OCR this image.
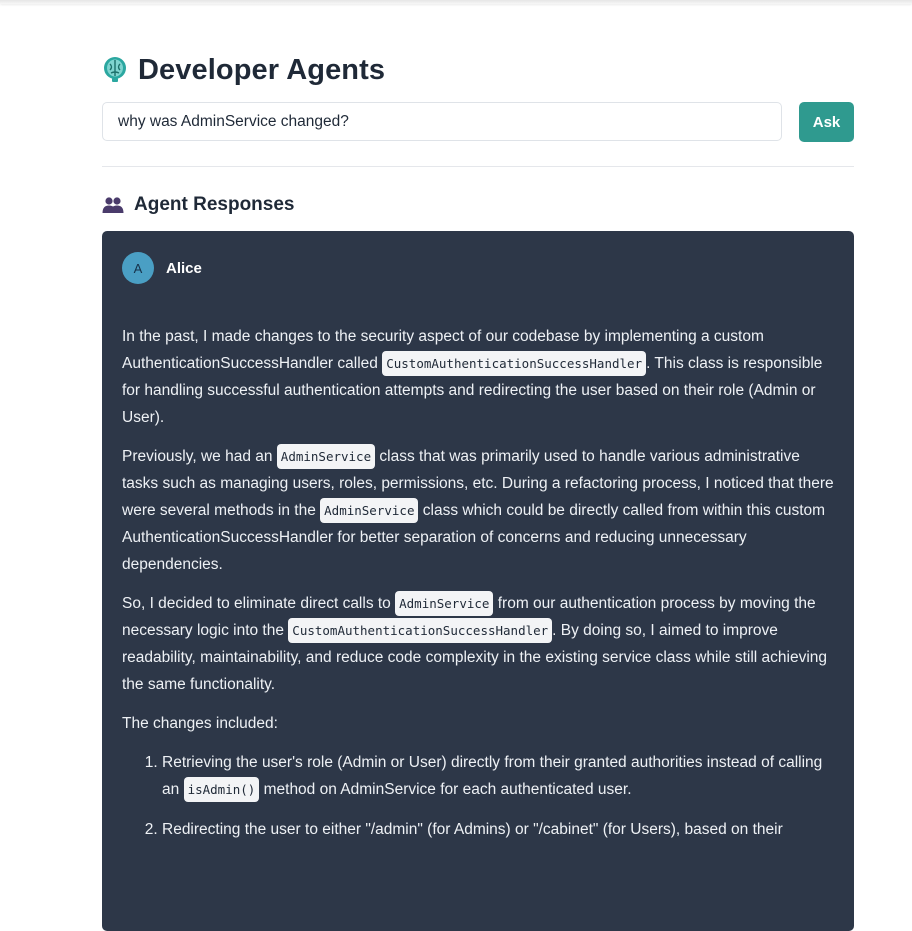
Developer Agents
why was AdminService changed?
Ask
Agent Responses
A	Alice

In the past, I made changes to the security aspect of our codebase by implementing a custom AuthenticationSuccessHandler called CustomAuthenticationSuccessHandler . This class is responsible for handling successful authentication attempts and redirecting the user based on their role (Admin or User).

Previously, we had an AdminService class that was primarily used to handle various administrative tasks such as managing users, roles, permissions, etc. During a refactoring process, I noticed that there were several methods in the AdminService class which could be directly called from within this custom AuthenticationSuccessHandler for better separation of concerns and reducing unnecessary dependencies.

So, I decided to eliminate direct calls to AdminService from our authentication process by moving the necessary logic into the CustomAuthenticationSuccessHandler . By doing so, I aimed to improve readability, maintainability, and reduce code complexity in the existing service class while still achieving the same functionality.

The changes included:

1. Retrieving the user's role (Admin or User) directly from their granted authorities instead of calling an isAdmin() method on AdminService for each authenticated user.
2. Redirecting the user to either "/admin" (for Admins) or "/cabinet" (for Users), based on their
